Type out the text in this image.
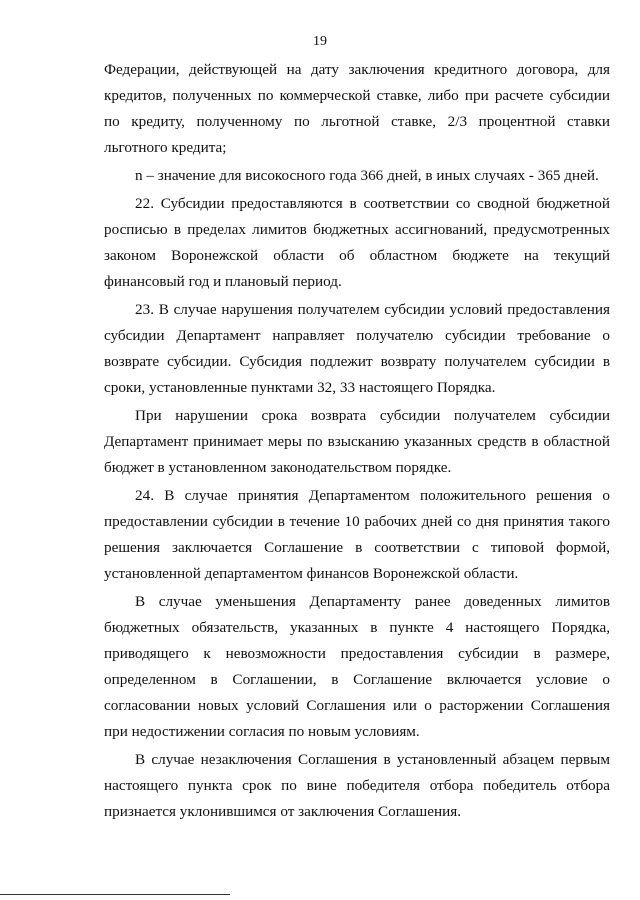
19

Федерации, действующей на дату заключения кредитного договора, для кредитов, полученных по коммерческой ставке, либо при расчете субсидии по кредиту, полученному по льготной ставке, 2/3 процентной ставки льготного кредита;

n – значение для високосного года 366 дней, в иных случаях - 365 дней.

22. Субсидии предоставляются в соответствии со сводной бюджетной росписью в пределах лимитов бюджетных ассигнований, предусмотренных законом Воронежской области об областном бюджете на текущий финансовый год и плановый период.

23. В случае нарушения получателем субсидии условий предоставления субсидии Департамент направляет получателю субсидии требование о возврате субсидии. Субсидия подлежит возврату получателем субсидии в сроки, установленные пунктами 32, 33 настоящего Порядка.

При нарушении срока возврата субсидии получателем субсидии Департамент принимает меры по взысканию указанных средств в областной бюджет в установленном законодательством порядке.

24. В случае принятия Департаментом положительного решения о предоставлении субсидии в течение 10 рабочих дней со дня принятия такого решения заключается Соглашение в соответствии с типовой формой, установленной департаментом финансов Воронежской области.

В случае уменьшения Департаменту ранее доведенных лимитов бюджетных обязательств, указанных в пункте 4 настоящего Порядка, приводящего к невозможности предоставления субсидии в размере, определенном в Соглашении, в Соглашение включается условие о согласовании новых условий Соглашения или о расторжении Соглашения при недостижении согласия по новым условиям.

В случае незаключения Соглашения в установленный абзацем первым настоящего пункта срок по вине победителя отбора победитель отбора признается уклонившимся от заключения Соглашения.
